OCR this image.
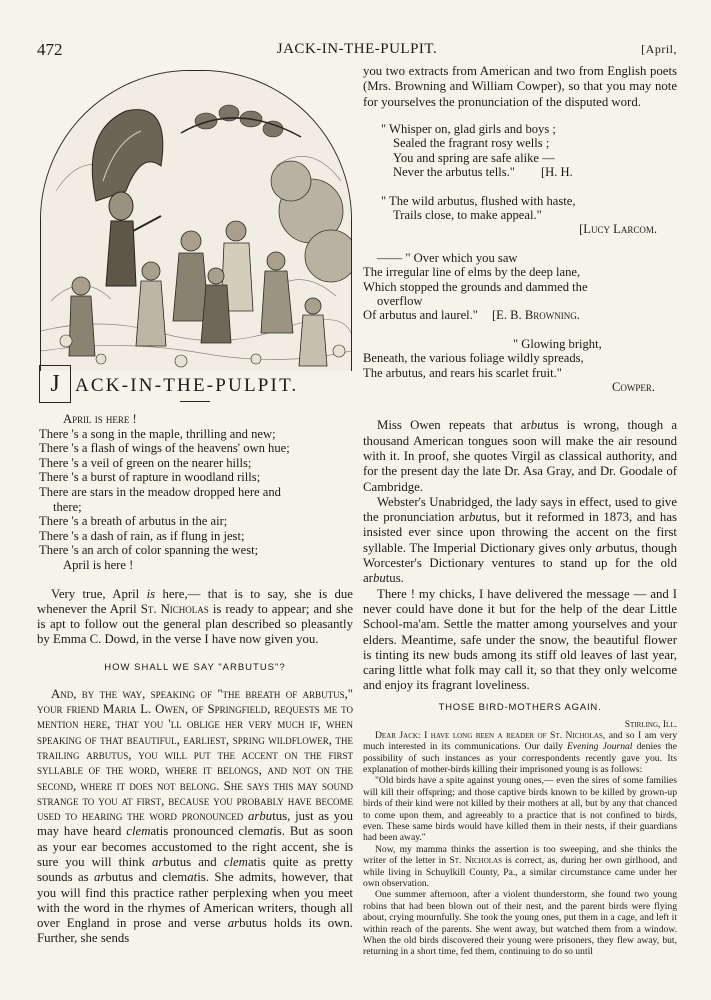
472	JACK-IN-THE-PULPIT.	[April,
J ACK-IN-THE-PULPIT.
April is here !
There 's a song in the maple, thrilling and new;
There 's a flash of wings of the heavens' own hue;
There 's a veil of green on the nearer hills;
There 's a burst of rapture in woodland rills;
There are stars in the meadow dropped here and
there;
There 's a breath of arbutus in the air;
There 's a dash of rain, as if flung in jest;
There 's an arch of color spanning the west;
April is here !

Very true, April is here,— that is to say, she is due whenever the April St. Nicholas is ready to appear; and she is apt to follow out the general plan described so pleasantly by Emma C. Dowd, in the verse I have now given you.

HOW SHALL WE SAY "ARBUTUS"?

And, by the way, speaking of "the breath of arbutus," your friend Maria L. Owen, of Springfield, requests me to mention here, that you 'll oblige her very much if, when speaking of that beautiful, earliest, spring wildflower, the trailing arbutus, you will put the accent on the first syllable of the word, where it belongs, and not on the second, where it does not belong. She says this may sound strange to you at first, because you probably have become used to hearing the word pronounced arbutus, just as you may have heard clematis pronounced clematis. But as soon as your ear becomes accustomed to the right accent, she is sure you will think arbutus and clematis quite as pretty sounds as arbutus and clematis. She admits, however, that you will find this practice rather perplexing when you meet with the word in the rhymes of American writers, though all over England in prose and verse arbutus holds its own. Further, she sends

you two extracts from American and two from English poets (Mrs. Browning and William Cowper), so that you may note for yourselves the pronunciation of the disputed word.

" Whisper on, glad girls and boys ;
Sealed the fragrant rosy wells ;
You and spring are safe alike —
Never the arbutus tells." [H. H.
" The wild arbutus, flushed with haste,
Trails close, to make appeal."
[Lucy Larcom.
—— " Over which you saw
The irregular line of elms by the deep lane,
Which stopped the grounds and dammed the
overflow
Of arbutus and laurel." [E. B. Browning.
" Glowing bright,
Beneath, the various foliage wildly spreads,
The arbutus, and rears his scarlet fruit."
Cowper.

Miss Owen repeats that arbutus is wrong, though a thousand American tongues soon will make the air resound with it. In proof, she quotes Virgil as classical authority, and for the present day the late Dr. Asa Gray, and Dr. Goodale of Cambridge.

Webster's Unabridged, the lady says in effect, used to give the pronunciation arbutus, but it reformed in 1873, and has insisted ever since upon throwing the accent on the first syllable. The Imperial Dictionary gives only arbutus, though Worcester's Dictionary ventures to stand up for the old arbutus.

There ! my chicks, I have delivered the message — and I never could have done it but for the help of the dear Little School-ma'am. Settle the matter among yourselves and your elders. Meantime, safe under the snow, the beautiful flower is tinting its new buds among its stiff old leaves of last year, caring little what folk may call it, so that they only welcome and enjoy its fragrant loveliness.

THOSE BIRD-MOTHERS AGAIN.
Stirling, Ill.

Dear Jack: I have long been a reader of St. Nicholas, and so I am very much interested in its communications. Our daily Evening Journal denies the possibility of such instances as your correspondents recently gave you. Its explanation of mother-birds killing their imprisoned young is as follows:

"Old birds have a spite against young ones,— even the sires of some families will kill their offspring; and those captive birds known to be killed by grown-up birds of their kind were not killed by their mothers at all, but by any that chanced to come upon them, and agreeably to a practice that is not confined to birds, even. These same birds would have killed them in their nests, if their guardians had been away."

Now, my mamma thinks the assertion is too sweeping, and she thinks the writer of the letter in St. Nicholas is correct, as, during her own girlhood, and while living in Schuylkill County, Pa., a similar circumstance came under her own observation.

One summer afternoon, after a violent thunderstorm, she found two young robins that had been blown out of their nest, and the parent birds were flying about, crying mournfully. She took the young ones, put them in a cage, and left it within reach of the parents. She went away, but watched them from a window. When the old birds discovered their young were prisoners, they flew away, but, returning in a short time, fed them, continuing to do so until
